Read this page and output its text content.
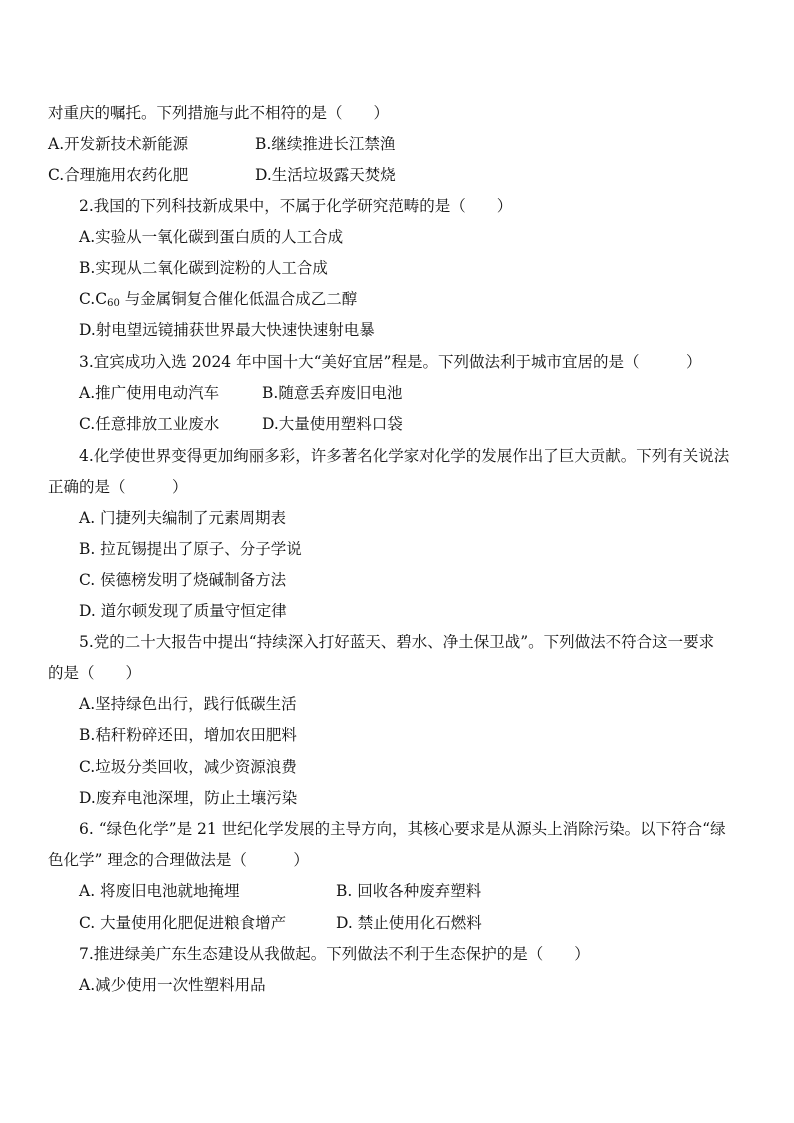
对重庆的嘱托。下列措施与此不相符的是（　　）
A.开发新技术新能源	B.继续推进长江禁渔
C.合理施用农药化肥	D.生活垃圾露天焚烧
2.我国的下列科技新成果中，不属于化学研究范畴的是（　　）
A.实验从一氧化碳到蛋白质的人工合成
B.实现从二氧化碳到淀粉的人工合成
$C.C_{60}$ 与金属铜复合催化低温合成乙二醇
D.射电望远镜捕获世界最大快速快速射电暴
3.宜宾成功入选 2024 年中国十大“美好宜居”程是。下列做法利于城市宜居的是（　　　）
A.推广使用电动汽车	B.随意丢弃废旧电池
C.任意排放工业废水	D.大量使用塑料口袋
4.化学使世界变得更加绚丽多彩，许多著名化学家对化学的发展作出了巨大贡献。下列有关说法
正确的是（　　　）
A. 门捷列夫编制了元素周期表
B. 拉瓦锡提出了原子、分子学说
C. 侯德榜发明了烧碱制备方法
D. 道尔顿发现了质量守恒定律
5.党的二十大报告中提出“持续深入打好蓝天、碧水、净土保卫战”。下列做法不符合这一要求
的是（　　）
A.坚持绿色出行，践行低碳生活
B.秸秆粉碎还田，增加农田肥料
C.垃圾分类回收，减少资源浪费
D.废弃电池深埋，防止土壤污染
6. “绿色化学”是 21 世纪化学发展的主导方向，其核心要求是从源头上消除污染。以下符合“绿
色化学” 理念的合理做法是（　　　）
A. 将废旧电池就地掩埋	B. 回收各种废弃塑料
C. 大量使用化肥促进粮食增产	D. 禁止使用化石燃料
7.推进绿美广东生态建设从我做起。下列做法不利于生态保护的是（　　）
A.减少使用一次性塑料用品
